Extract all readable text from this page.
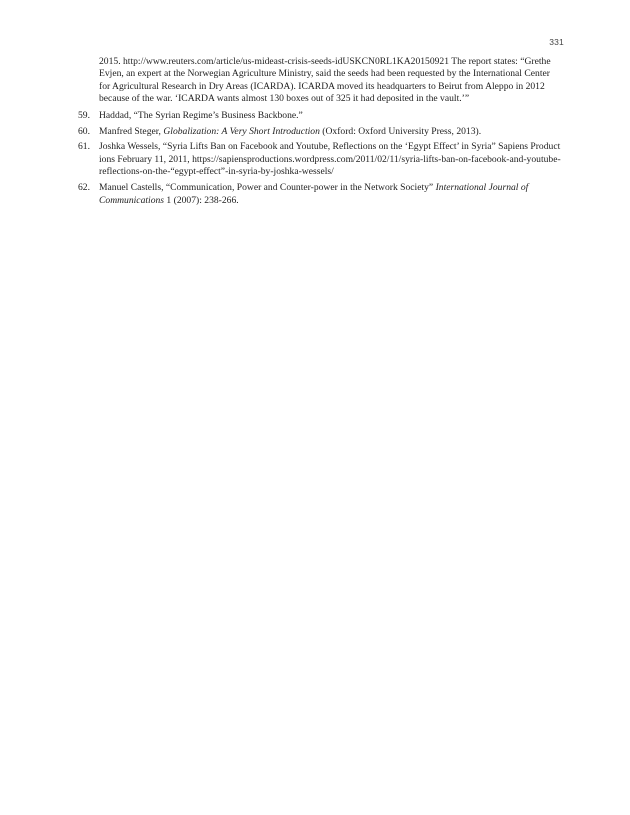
331

2015. http://www.reuters.com/article/us-mideast-crisis-seeds-idUSKCN0RL1KA20150921 The report states: “Grethe Evjen, an expert at the Norwegian Agriculture Ministry, said the seeds had been requested by the International Center for Agricultural Research in Dry Areas (ICARDA). ICARDA moved its headquarters to Beirut from Aleppo in 2012 because of the war. ‘ICARDA wants almost 130 boxes out of 325 it had deposited in the vault.’”

59. Haddad, “The Syrian Regime’s Business Backbone.”
60. Manfred Steger, Globalization: A Very Short Introduction (Oxford: Oxford University Press, 2013).
61. Joshka Wessels, “Syria Lifts Ban on Facebook and Youtube, Reflections on the ‘Egypt Effect’ in Syria” Sapiens Productions February 11, 2011, https://sapiensproductions.wordpress.com/2011/02/11/syria-lifts-ban-on-facebook-and-youtube-reflections-on-the-“egypt-effect”-in-syria-by-joshka-wessels/
62. Manuel Castells, “Communication, Power and Counter-power in the Network Society” International Journal of Communications 1 (2007): 238-266.
